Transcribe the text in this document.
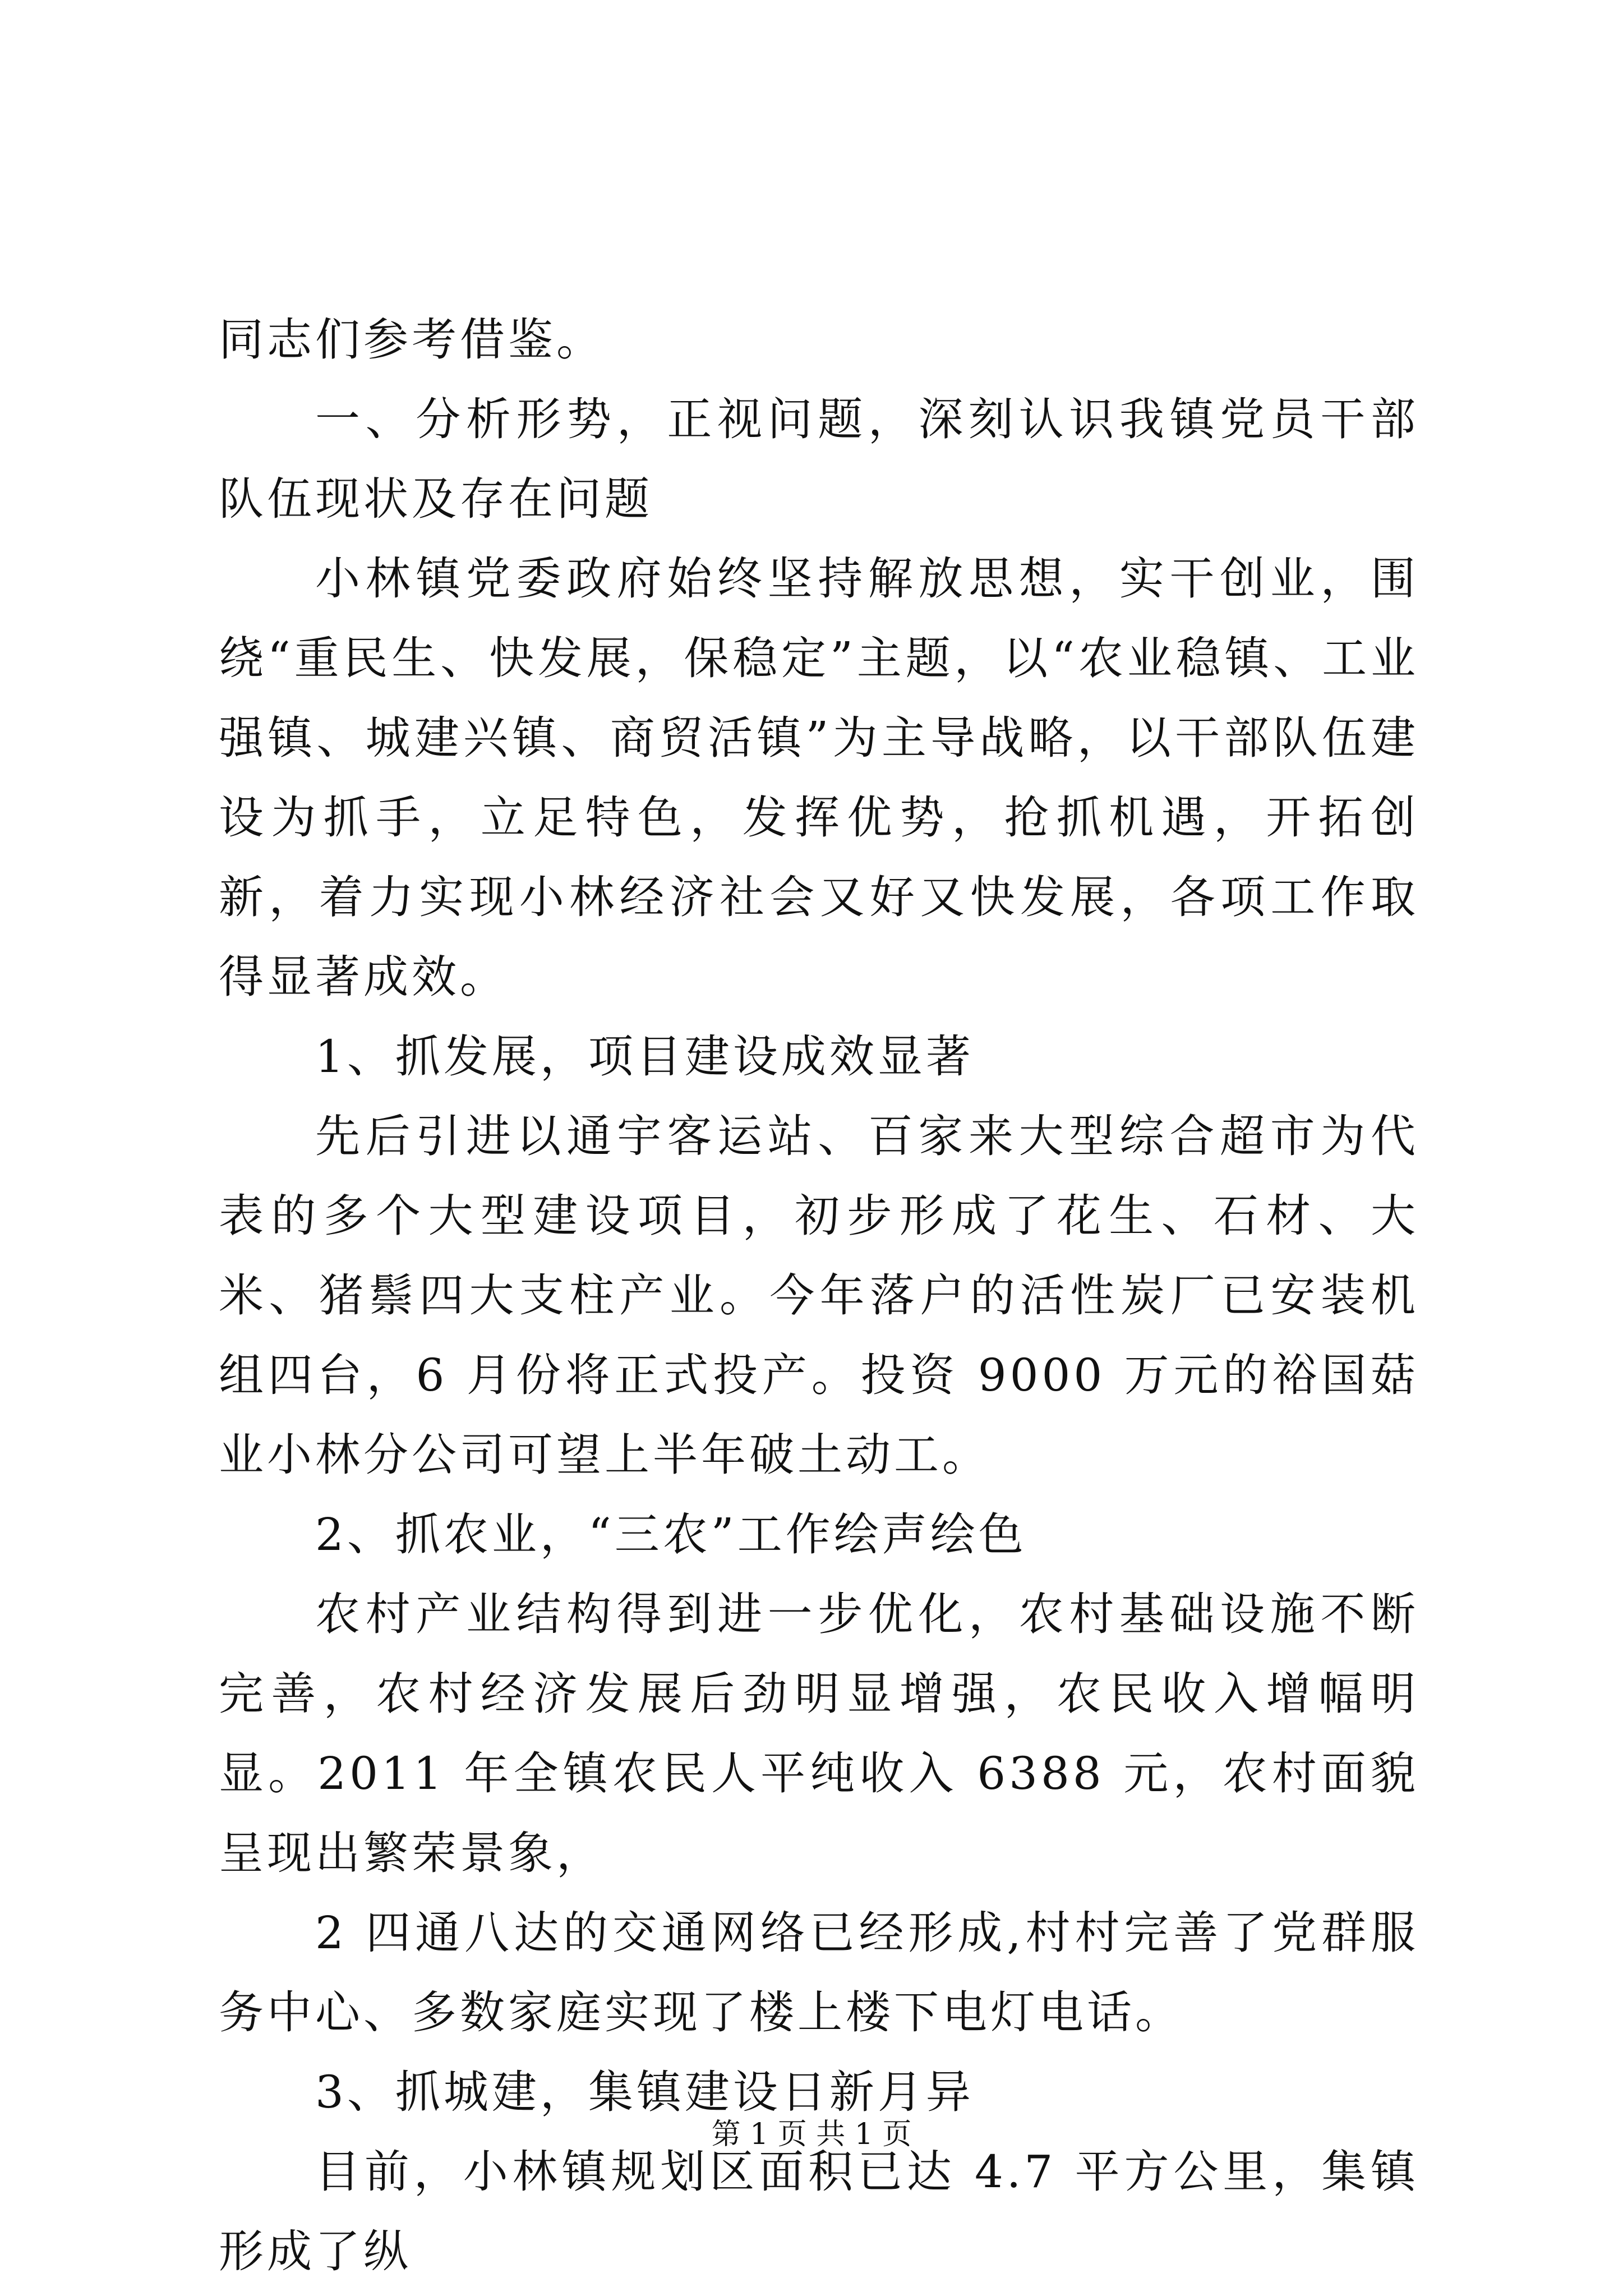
同志们参考借鉴。

一、分析形势，正视问题，深刻认识我镇党员干部队伍现状及存在问题

小林镇党委政府始终坚持解放思想，实干创业，围绕“重民生、快发展，保稳定”主题，以“农业稳镇、工业强镇、城建兴镇、商贸活镇”为主导战略，以干部队伍建设为抓手，立足特色，发挥优势，抢抓机遇，开拓创新，着力实现小林经济社会又好又快发展，各项工作取得显著成效。

1、抓发展，项目建设成效显著

先后引进以通宇客运站、百家来大型综合超市为代表的多个大型建设项目，初步形成了花生、石材、大米、猪鬃四大支柱产业。今年落户的活性炭厂已安装机组四台，6 月份将正式投产。投资 9000 万元的裕国菇业小林分公司可望上半年破土动工。

2、抓农业，“三农”工作绘声绘色

农村产业结构得到进一步优化，农村基础设施不断完善，农村经济发展后劲明显增强，农民收入增幅明显。2011 年全镇农民人平纯收入 6388 元，农村面貌呈现出繁荣景象，

2 四通八达的交通网络已经形成,村村完善了党群服务中心、多数家庭实现了楼上楼下电灯电话。

3、抓城建，集镇建设日新月异

目前，小林镇规划区面积已达 4.7 平方公里，集镇形成了纵

第 1 页 共 1 页
